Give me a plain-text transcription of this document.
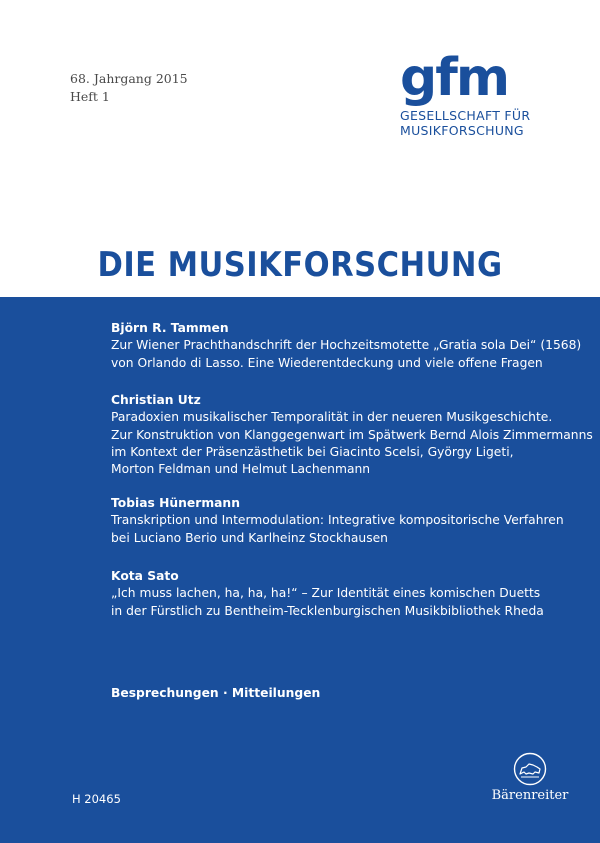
68. Jahrgang 2015
Heft 1	gfm
GESELLSCHAFT FÜR
MUSIKFORSCHUNG
DIE MUSIKFORSCHUNG
Björn R. Tammen
Zur Wiener Prachthandschrift der Hochzeitsmotette „Gratia sola Dei“ (1568)
von Orlando di Lasso. Eine Wiederentdeckung und viele offene Fragen
Christian Utz
Paradoxien musikalischer Temporalität in der neueren Musikgeschichte.
Zur Konstruktion von Klanggegenwart im Spätwerk Bernd Alois Zimmermanns
im Kontext der Präsenzästhetik bei Giacinto Scelsi, György Ligeti,
Morton Feldman und Helmut Lachenmann
Tobias Hünermann
Transkription und Intermodulation: Integrative kompositorische Verfahren
bei Luciano Berio und Karlheinz Stockhausen
Kota Sato
„Ich muss lachen, ha, ha, ha!“ – Zur Identität eines komischen Duetts
in der Fürstlich zu Bentheim-Tecklenburgischen Musikbibliothek Rheda
Besprechungen · Mitteilungen
H 20465	Bärenreiter
